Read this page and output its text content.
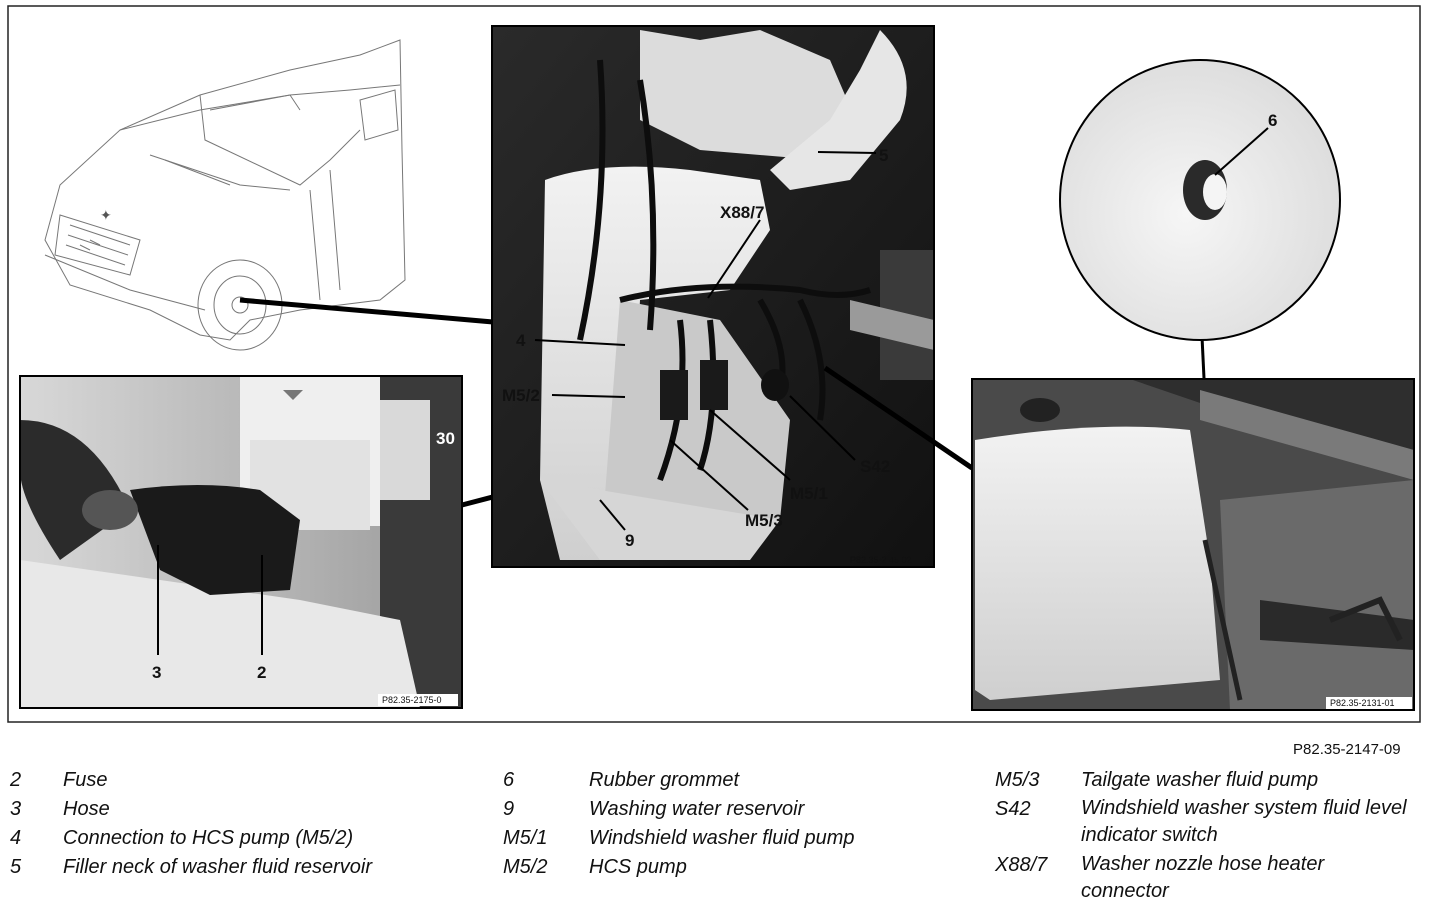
✦
3	2
30
P82.35-2175-0
5
X88/7
4
M5/2
S42
M5/1
M5/3
9
P82.35-2 45 02
6
P82.35-2131-01
P82.35-2147-09
2 Fuse
3 Hose
4 Connection to HCS pump (M5/2)
5 Filler neck of washer fluid reservoir
6	Rubber grommet
9	Washing water reservoir
M5/1 Windshield washer fluid pump
M5/2 HCS pump
M5/3 Tailgate washer fluid pump
S42	Windshield washer system fluid level indicator switch
X88/7 Washer nozzle hose heater connector
